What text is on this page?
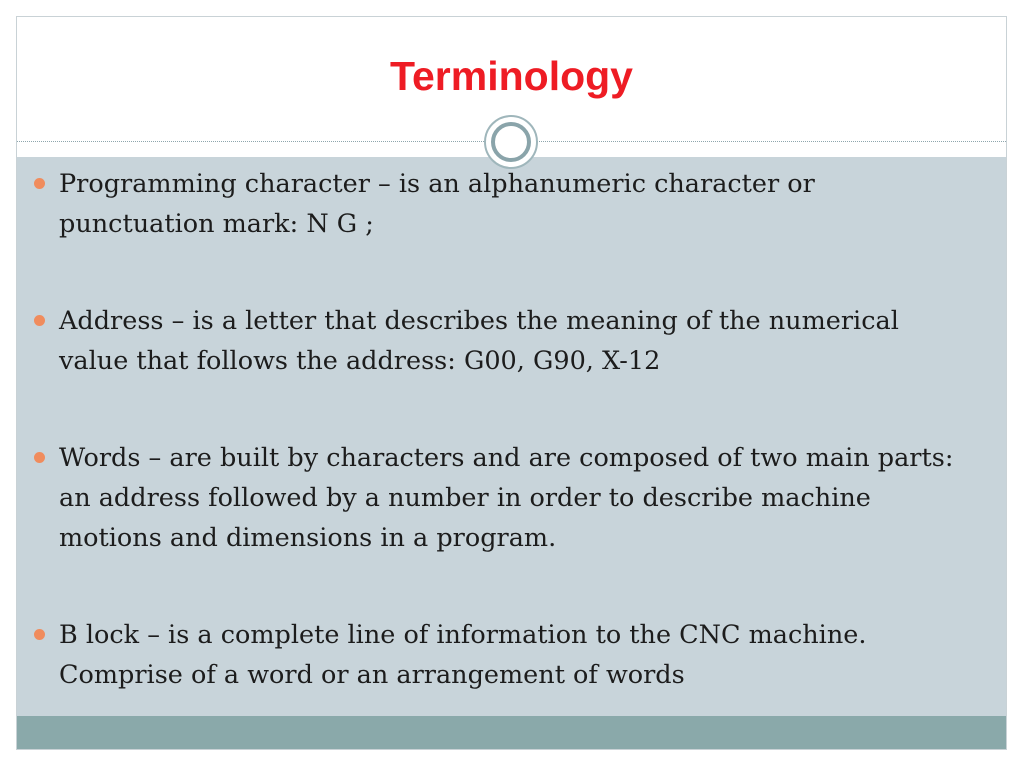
Terminology
Programming character – is an alphanumeric character or punctuation mark: N G ;
Address – is a letter that describes the meaning of the numerical value that follows the address: G00, G90, X-12
Words – are built by characters and are composed of two main parts: an address followed by a number in order to describe machine motions and dimensions in a program.
B lock – is a complete line of information to the CNC machine. Comprise of a word or an arrangement of words
